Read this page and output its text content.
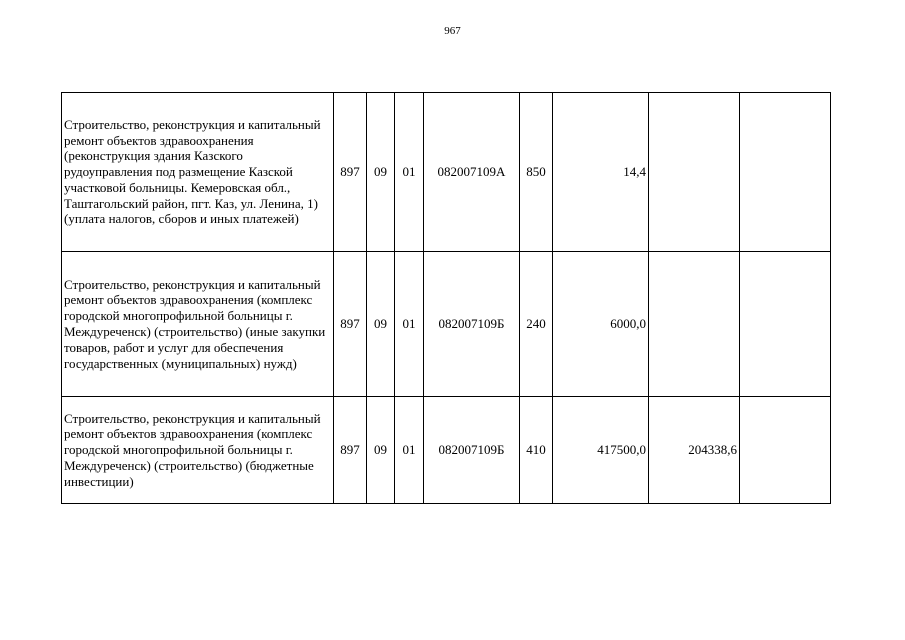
967
Строительство, реконструкция и капитальный ремонт объектов здравоохранения (реконструкция здания Казского рудоуправления под размещение Казской участковой больницы. Кемеровская обл., Таштагольский район, пгт. Каз, ул. Ленина, 1) (уплата налогов, сборов и иных платежей)	897	09	01	082007109А	850	14,4		
Строительство, реконструкция и капитальный ремонт объектов здравоохранения (комплекс городской многопрофильной больницы г. Междуреченск) (строительство) (иные закупки товаров, работ и услуг для обеспечения государственных (муниципальных) нужд)	897	09	01	082007109Б	240	6000,0		
Строительство, реконструкция и капитальный ремонт объектов здравоохранения (комплекс городской многопрофильной больницы г. Междуреченск) (строительство) (бюджетные инвестиции)	897	09	01	082007109Б	410	417500,0	204338,6	
